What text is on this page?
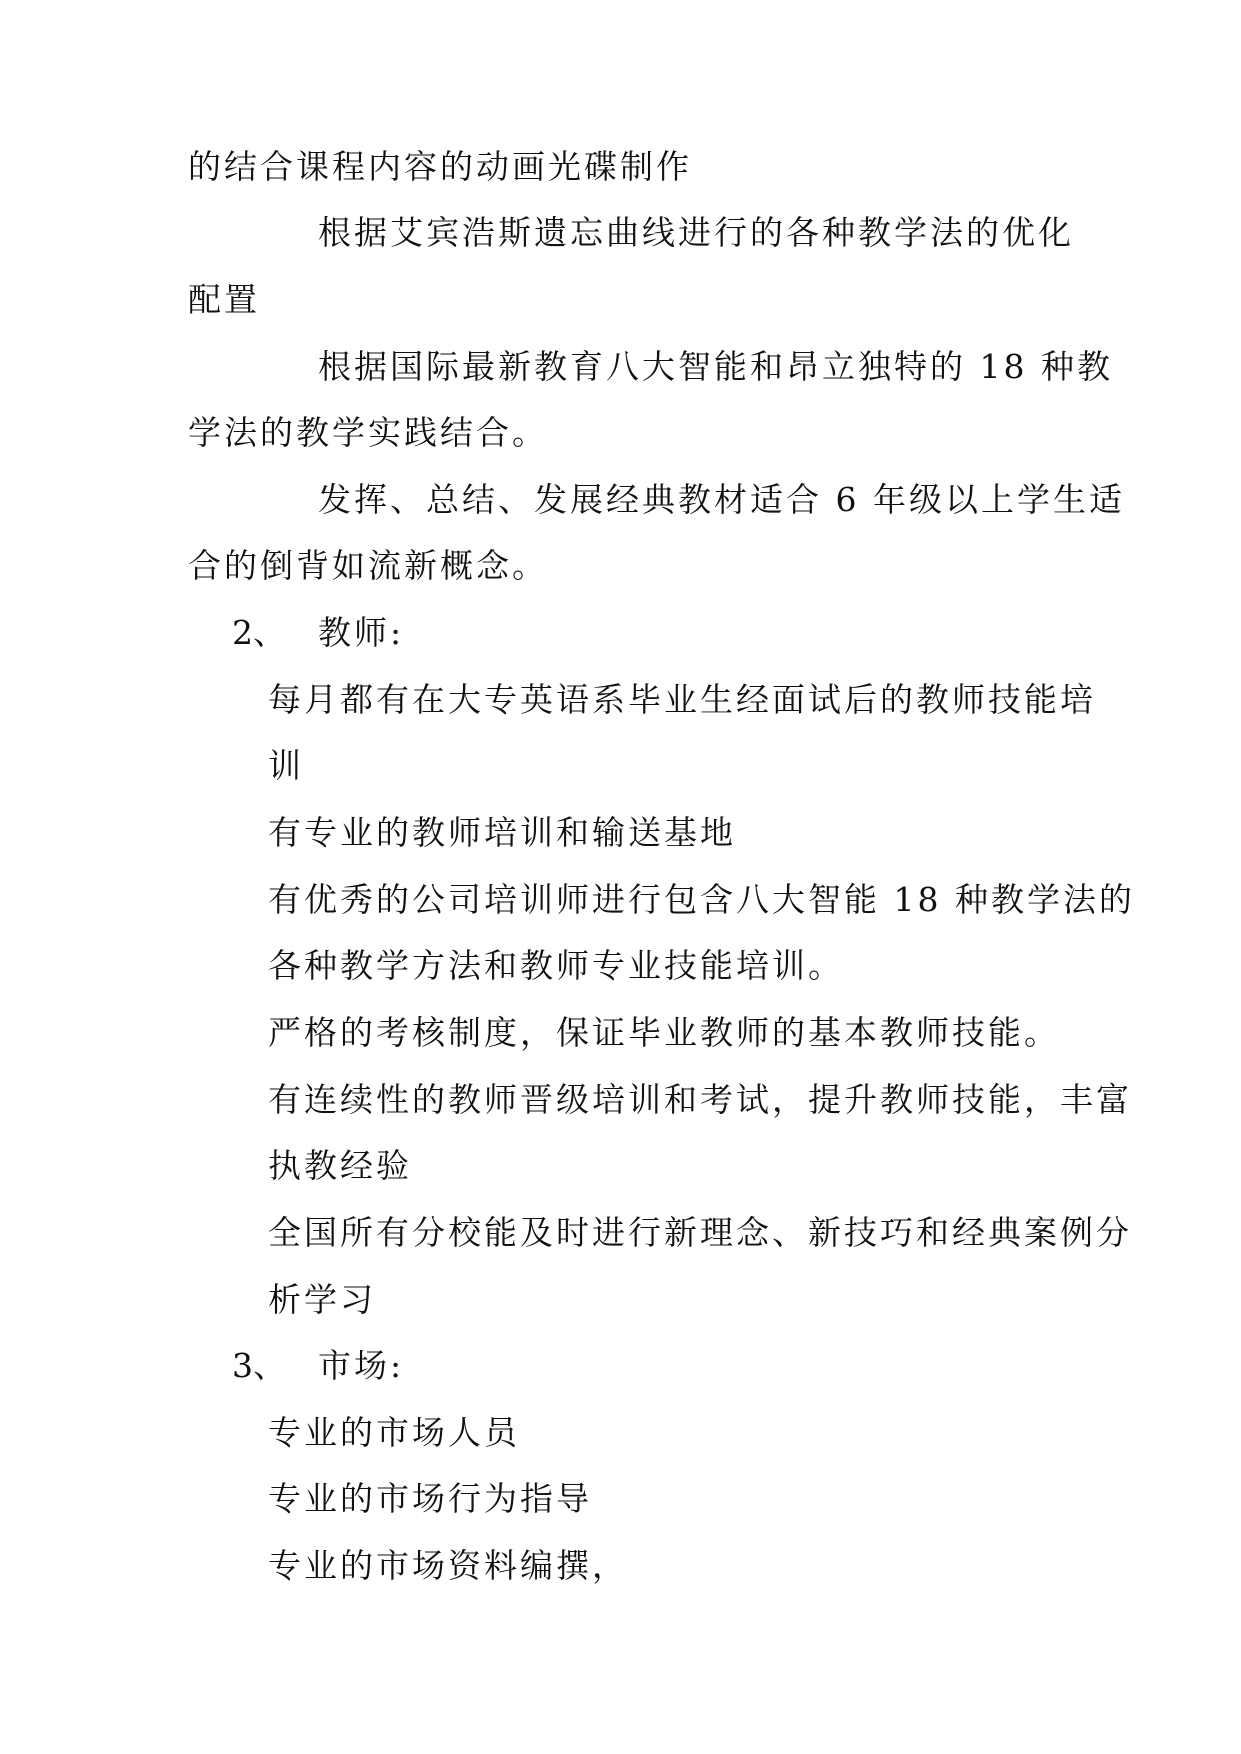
的结合课程内容的动画光碟制作
根据艾宾浩斯遗忘曲线进行的各种教学法的优化
配置
根据国际最新教育八大智能和昂立独特的 18 种教
学法的教学实践结合。
发挥、总结、发展经典教材适合 6 年级以上学生适
合的倒背如流新概念。
2、 教师:
每月都有在大专英语系毕业生经面试后的教师技能培
训
有专业的教师培训和输送基地
有优秀的公司培训师进行包含八大智能 18 种教学法的
各种教学方法和教师专业技能培训。
严格的考核制度，保证毕业教师的基本教师技能。
有连续性的教师晋级培训和考试，提升教师技能，丰富
执教经验
全国所有分校能及时进行新理念、新技巧和经典案例分
析学习
3、 市场:
专业的市场人员
专业的市场行为指导
专业的市场资料编撰，
